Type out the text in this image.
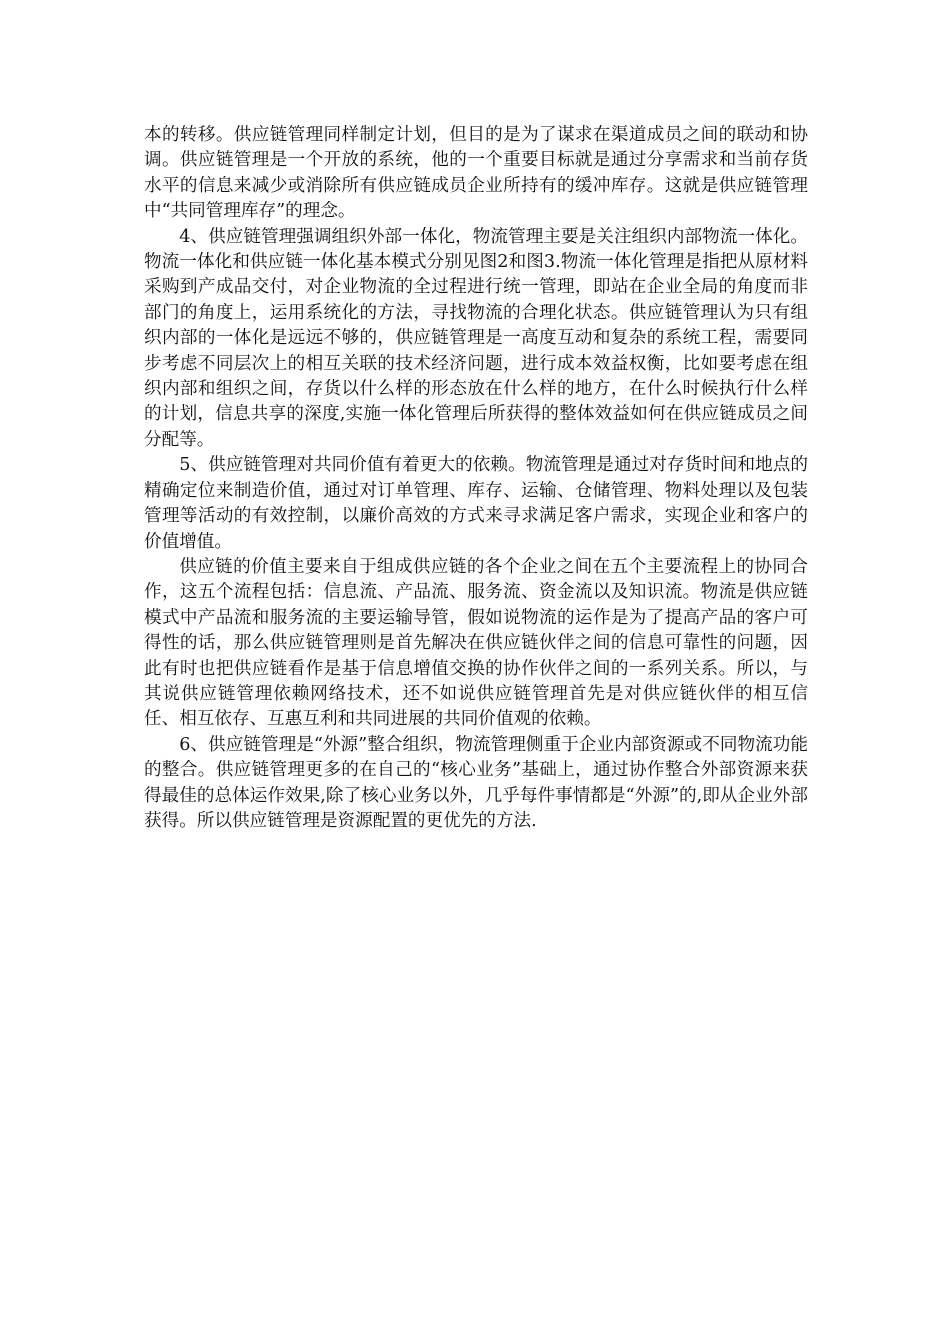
本的转移。供应链管理同样制定计划，但目的是为了谋求在渠道成员之间的联动和协调。供应链管理是一个开放的系统，他的一个重要目标就是通过分享需求和当前存货水平的信息来减少或消除所有供应链成员企业所持有的缓冲库存。这就是供应链管理中“共同管理库存”的理念。

4、供应链管理强调组织外部一体化，物流管理主要是关注组织内部物流一体化。物流一体化和供应链一体化基本模式分别见图2和图3.物流一体化管理是指把从原材料采购到产成品交付，对企业物流的全过程进行统一管理，即站在企业全局的角度而非部门的角度上，运用系统化的方法，寻找物流的合理化状态。供应链管理认为只有组织内部的一体化是远远不够的，供应链管理是一高度互动和复杂的系统工程，需要同步考虑不同层次上的相互关联的技术经济问题，进行成本效益权衡，比如要考虑在组织内部和组织之间，存货以什么样的形态放在什么样的地方，在什么时候执行什么样的计划，信息共享的深度,实施一体化管理后所获得的整体效益如何在供应链成员之间分配等。

5、供应链管理对共同价值有着更大的依赖。物流管理是通过对存货时间和地点的精确定位来制造价值，通过对订单管理、库存、运输、仓储管理、物料处理以及包装管理等活动的有效控制，以廉价高效的方式来寻求满足客户需求，实现企业和客户的价值增值。

供应链的价值主要来自于组成供应链的各个企业之间在五个主要流程上的协同合作，这五个流程包括：信息流、产品流、服务流、资金流以及知识流。物流是供应链模式中产品流和服务流的主要运输导管，假如说物流的运作是为了提高产品的客户可得性的话，那么供应链管理则是首先解决在供应链伙伴之间的信息可靠性的问题，因此有时也把供应链看作是基于信息增值交换的协作伙伴之间的一系列关系。所以，与其说供应链管理依赖网络技术，还不如说供应链管理首先是对供应链伙伴的相互信任、相互依存、互惠互利和共同进展的共同价值观的依赖。

6、供应链管理是“外源”整合组织，物流管理侧重于企业内部资源或不同物流功能的整合。供应链管理更多的在自己的“核心业务”基础上，通过协作整合外部资源来获得最佳的总体运作效果,除了核心业务以外，几乎每件事情都是“外源”的,即从企业外部获得。所以供应链管理是资源配置的更优先的方法.
